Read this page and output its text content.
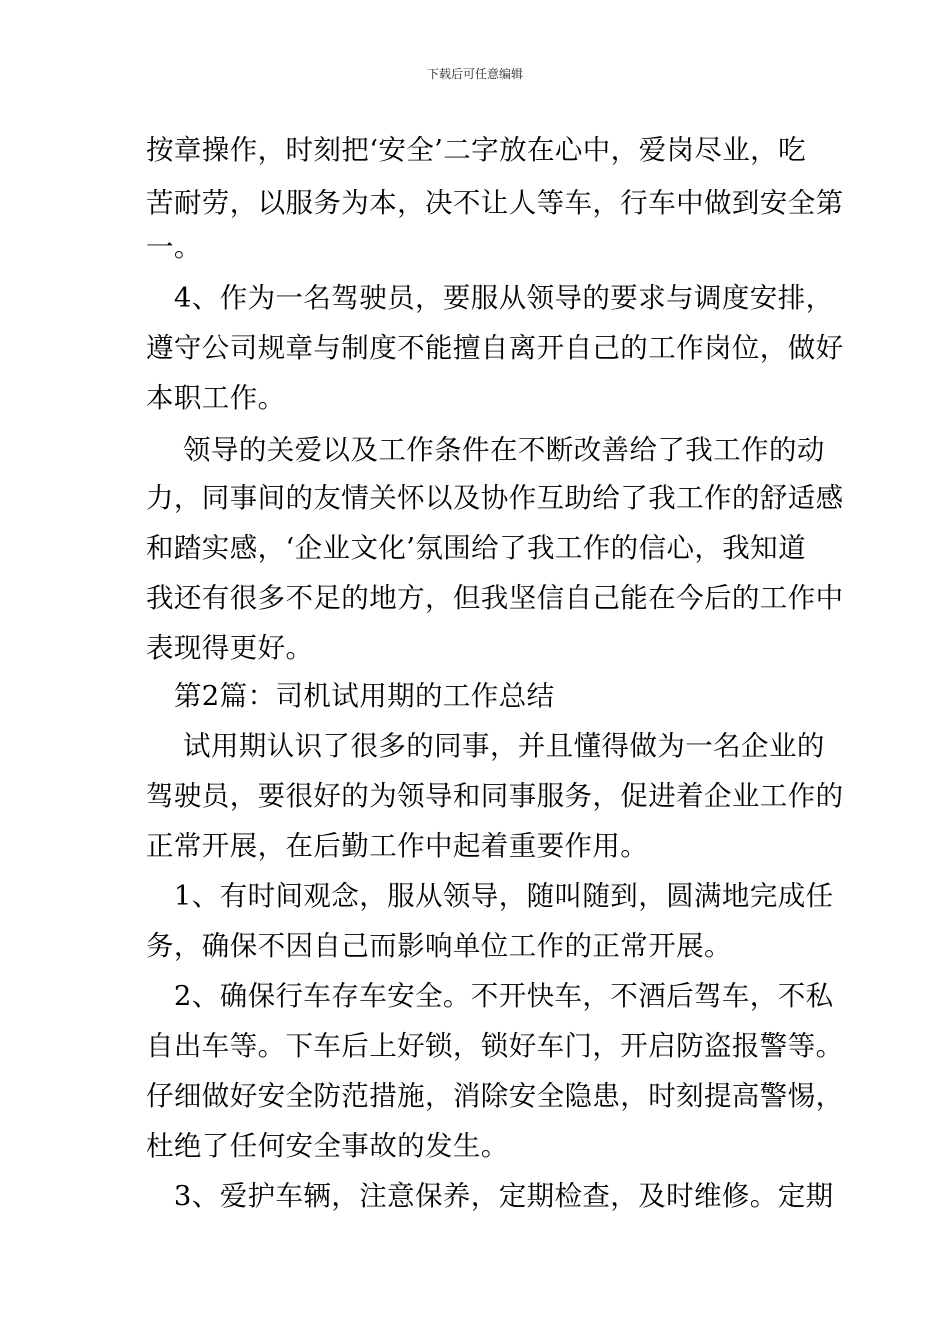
下载后可任意编辑
按章操作，时刻把‘安全’二字放在心中，爱岗尽业，吃
苦耐劳，以服务为本，决不让人等车，行车中做到安全第
一。
　4、作为一名驾驶员，要服从领导的要求与调度安排，
遵守公司规章与制度不能擅自离开自己的工作岗位，做好
本职工作。
　 领导的关爱以及工作条件在不断改善给了我工作的动
力，同事间的友情关怀以及协作互助给了我工作的舒适感
和踏实感，‘企业文化’氛围给了我工作的信心，我知道
我还有很多不足的地方，但我坚信自己能在今后的工作中
表现得更好。
　第2篇：司机试用期的工作总结
　 试用期认识了很多的同事，并且懂得做为一名企业的
驾驶员，要很好的为领导和同事服务，促进着企业工作的
正常开展，在后勤工作中起着重要作用。
　1、有时间观念，服从领导，随叫随到，圆满地完成任
务，确保不因自己而影响单位工作的正常开展。
　2、确保行车存车安全。不开快车，不酒后驾车，不私
自出车等。下车后上好锁，锁好车门，开启防盗报警等。
仔细做好安全防范措施，消除安全隐患，时刻提高警惕，
杜绝了任何安全事故的发生。
　3、爱护车辆，注意保养，定期检查，及时维修。定期
